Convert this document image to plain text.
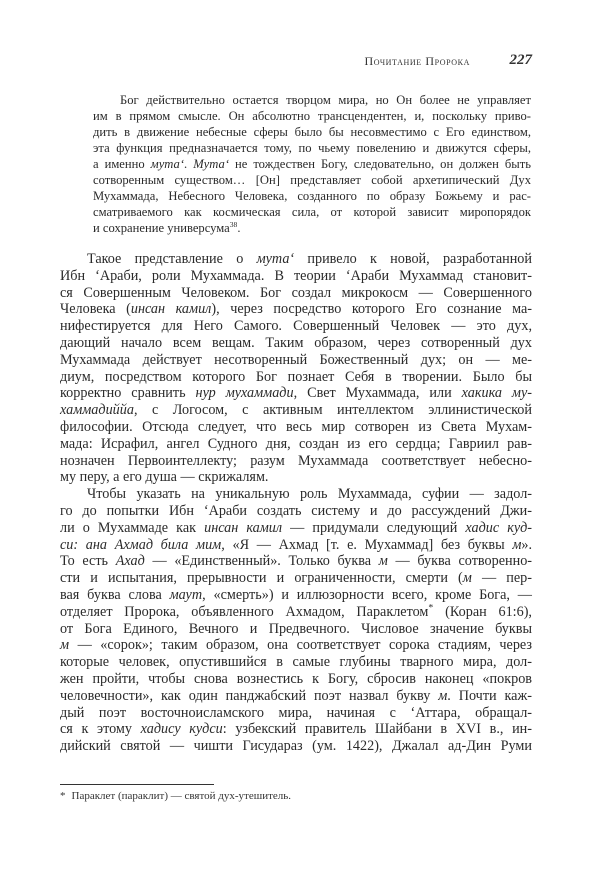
Почитание Пророка	227
Бог действительно остается творцом мира, но Он более не управляет
им в прямом смысле. Он абсолютно трансцендентен, и, поскольку приво-
дить в движение небесные сферы было бы несовместимо с Его единством,
эта функция предназначается тому, по чьему повелению и движутся сферы,
а именно мута‘. Мута‘ не тождествен Богу, следовательно, он должен быть
сотворенным существом… [Он] представляет собой архетипический Дух
Мухаммада, Небесного Человека, созданного по образу Божьему и рас-
сматриваемого как космическая сила, от которой зависит миропорядок
и сохранение универсума$^{38}$.
Такое представление о мута‘ привело к новой, разработанной
Ибн ‘Араби, роли Мухаммада. В теории ‘Араби Мухаммад становит-
ся Совершенным Человеком. Бог создал микрокосм — Совершенного
Человека (инсан камил), через посредство которого Его сознание ма-
нифестируется для Него Самого. Совершенный Человек — это дух,
дающий начало всем вещам. Таким образом, через сотворенный дух
Мухаммада действует несотворенный Божественный дух; он — ме-
диум, посредством которого Бог познает Себя в творении. Было бы
корректно сравнить нур мухаммади, Свет Мухаммада, или хакика му-
хаммадиййа, с Логосом, с активным интеллектом эллинистической
философии. Отсюда следует, что весь мир сотворен из Света Мухам-
мада: Исрафил, ангел Судного дня, создан из его сердца; Гавриил рав-
нозначен Первоинтеллекту; разум Мухаммада соответствует небесно-
му перу, а его душа — скрижалям.
Чтобы указать на уникальную роль Мухаммада, суфии — задол-
го до попытки Ибн ‘Араби создать систему и до рассуждений Джи-
ли о Мухаммаде как инсан камил — придумали следующий хадис куд-
си: ана Ахмад била мим, «Я — Ахмад [т. е. Мухаммад] без буквы м».
То есть Ахад — «Единственный». Только буква м — буква сотворенно-
сти и испытания, прерывности и ограниченности, смерти (м — пер-
вая буква слова маут, «смерть») и иллюзорности всего, кроме Бога, —
отделяет Пророка, объявленного Ахмадом, Параклетом* (Коран 61:6),
от Бога Единого, Вечного и Предвечного. Числовое значение буквы
м — «сорок»; таким образом, она соответствует сорока стадиям, через
которые человек, опустившийся в самые глубины тварного мира, дол-
жен пройти, чтобы снова вознестись к Богу, сбросив наконец «покров
человечности», как один панджабский поэт назвал букву м. Почти каж-
дый поэт восточноисламского мира, начиная с ‘Аттара, обращал-
ся к этому хадису кудси: узбекский правитель Шайбани в XVI в., ин-
дийский святой — чишти Гисудараз (ум. 1422), Джалал ад-Дин Руми
* Параклет (параклит) — святой дух-утешитель.
